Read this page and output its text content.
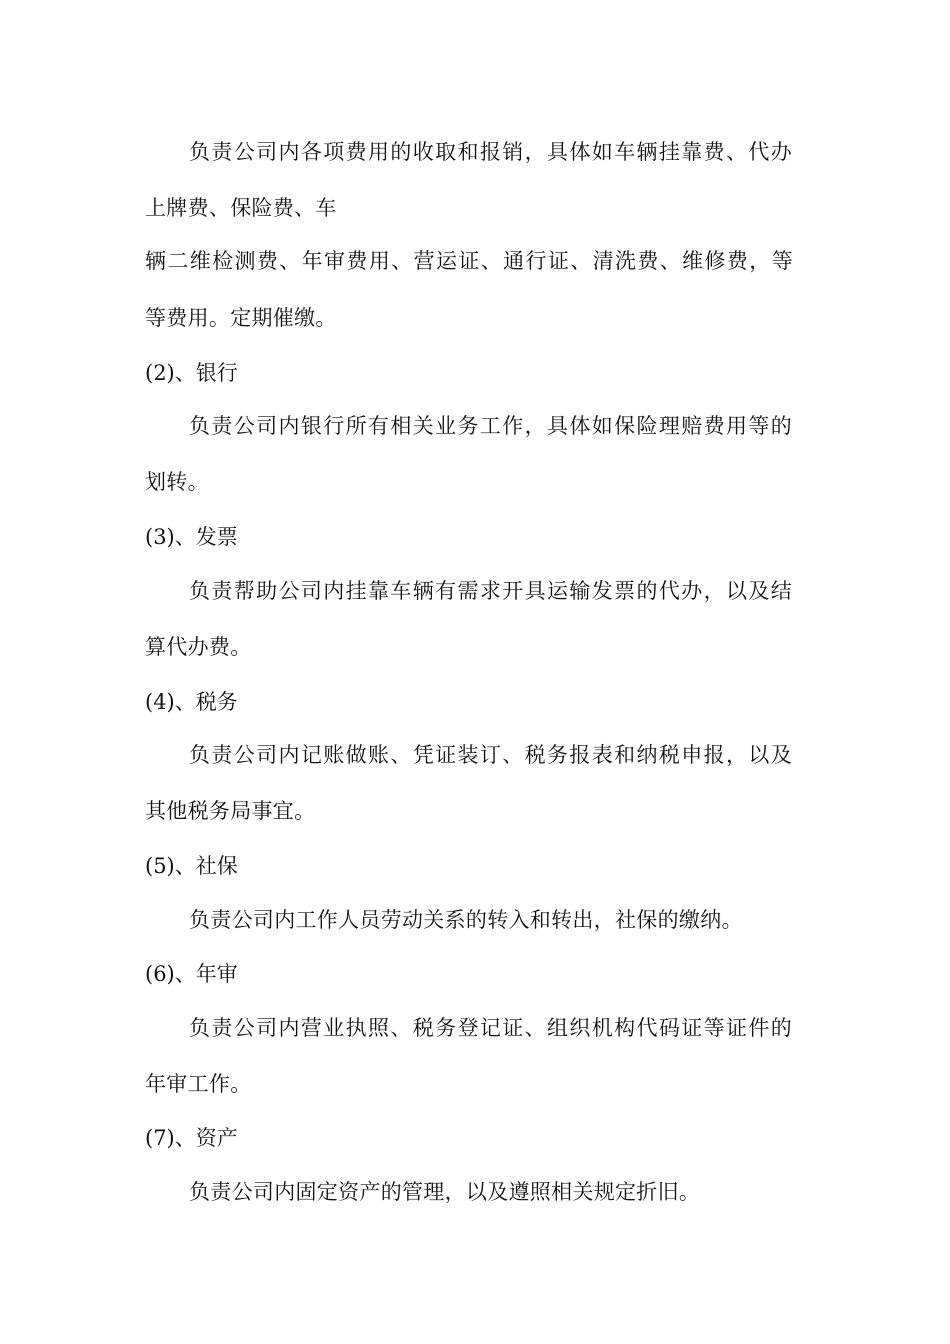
负责公司内各项费用的收取和报销，具体如车辆挂靠费、代办
上牌费、保险费、车
辆二维检测费、年审费用、营运证、通行证、清洗费、维修费，等
等费用。定期催缴。
(2)、银行
负责公司内银行所有相关业务工作，具体如保险理赔费用等的
划转。
(3)、发票
负责帮助公司内挂靠车辆有需求开具运输发票的代办，以及结
算代办费。
(4)、税务
负责公司内记账做账、凭证装订、税务报表和纳税申报，以及
其他税务局事宜。
(5)、社保
负责公司内工作人员劳动关系的转入和转出，社保的缴纳。
(6)、年审
负责公司内营业执照、税务登记证、组织机构代码证等证件的
年审工作。
(7)、资产
负责公司内固定资产的管理，以及遵照相关规定折旧。
